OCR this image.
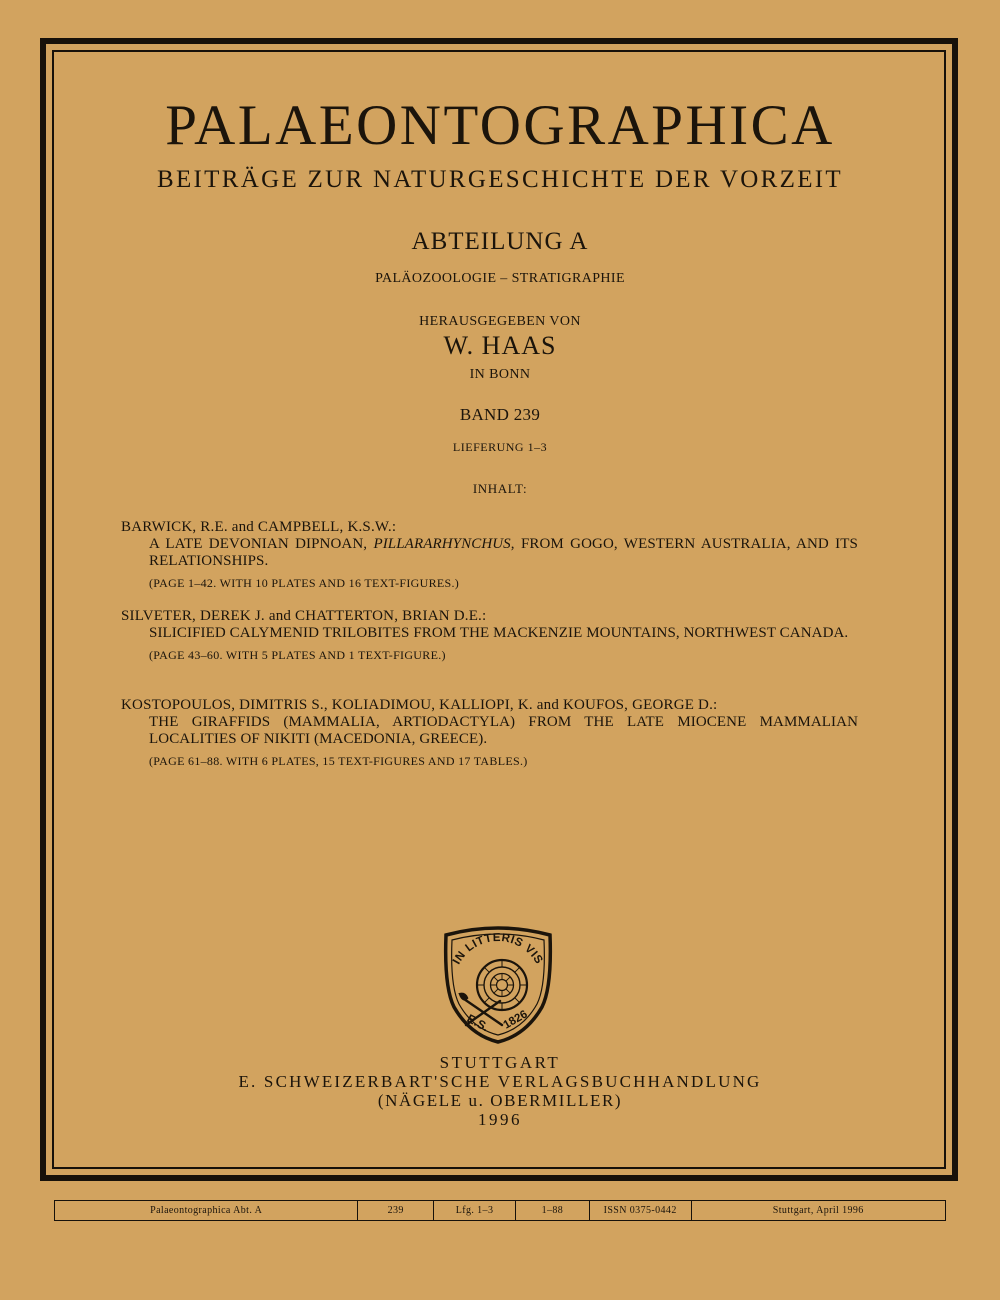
PALAEONTOGRAPHICA
BEITRÄGE ZUR NATURGESCHICHTE DER VORZEIT
ABTEILUNG A
PALÄOZOOLOGIE – STRATIGRAPHIE
HERAUSGEGEBEN VON
W. HAAS
IN BONN
BAND 239
LIEFERUNG 1–3
INHALT:
BARWICK, R.E. and CAMPBELL, K.S.W.:
A LATE DEVONIAN DIPNOAN, PILLARARHYNCHUS, FROM GOGO, WESTERN AUSTRALIA, AND ITS RELATIONSHIPS.
(PAGE 1–42. WITH 10 PLATES AND 16 TEXT-FIGURES.)
SILVETER, DEREK J. and CHATTERTON, BRIAN D.E.:
SILICIFIED CALYMENID TRILOBITES FROM THE MACKENZIE MOUNTAINS, NORTHWEST CANADA.
(PAGE 43–60. WITH 5 PLATES AND 1 TEXT-FIGURE.)
KOSTOPOULOS, DIMITRIS S., KOLIADIMOU, KALLIOPI, K. and KOUFOS, GEORGE D.:
THE GIRAFFIDS (MAMMALIA, ARTIODACTYLA) FROM THE LATE MIOCENE MAMMALIAN LOCALITIES OF NIKITI (MACEDONIA, GREECE).
(PAGE 61–88. WITH 6 PLATES, 15 TEXT-FIGURES AND 17 TABLES.)
IN LITTERIS VIS
E.S. 1826
STUTTGART
E. SCHWEIZERBART'SCHE VERLAGSBUCHHANDLUNG
(NÄGELE u. OBERMILLER)
1996
Palaeontographica Abt. A	239	Lfg. 1–3	1–88	ISSN 0375-0442	Stuttgart, April 1996
